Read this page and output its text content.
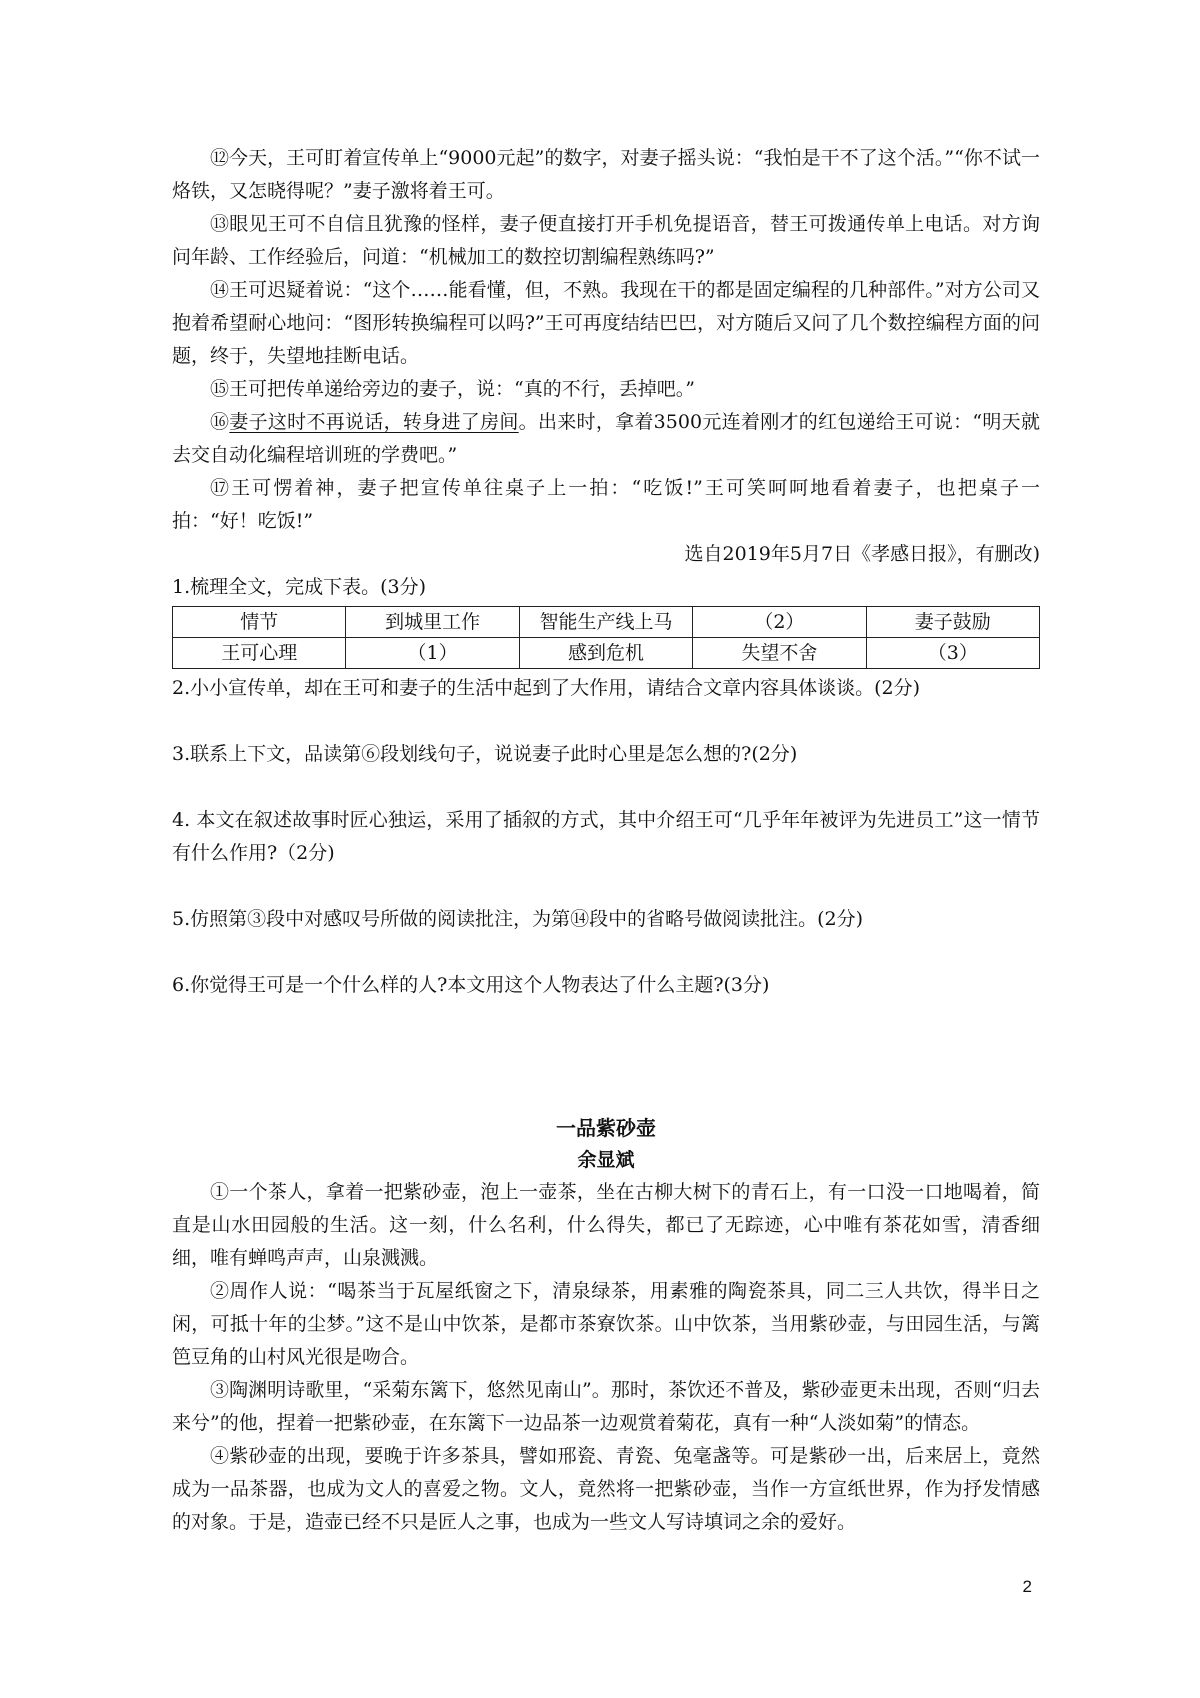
⑫今天，王可盯着宣传单上“9000元起”的数字，对妻子摇头说：“我怕是干不了这个活。”“你不试一烙铁，又怎晓得呢？”妻子激将着王可。

⑬眼见王可不自信且犹豫的怪样，妻子便直接打开手机免提语音，替王可拨通传单上电话。对方询问年龄、工作经验后，问道：“机械加工的数控切割编程熟练吗?”

⑭王可迟疑着说：“这个……能看懂，但，不熟。我现在干的都是固定编程的几种部件。”对方公司又抱着希望耐心地问：“图形转换编程可以吗?”王可再度结结巴巴，对方随后又问了几个数控编程方面的问题，终于，失望地挂断电话。

⑮王可把传单递给旁边的妻子，说：“真的不行，丢掉吧。”

⑯妻子这时不再说话，转身进了房间。出来时，拿着3500元连着刚才的红包递给王可说：“明天就去交自动化编程培训班的学费吧。”

⑰王可愣着神，妻子把宣传单往桌子上一拍：“吃饭!”王可笑呵呵地看着妻子，也把桌子一拍：“好！吃饭!”

选自2019年5月7日《孝感日报》，有删改)

1.梳理全文，完成下表。(3分)

情节	到城里工作	智能生产线上马	（2）	妻子鼓励
王可心理	（1）	感到危机	失望不舍	（3）

2.小小宣传单，却在王可和妻子的生活中起到了大作用，请结合文章内容具体谈谈。(2分)

3.联系上下文，品读第⑥段划线句子，说说妻子此时心里是怎么想的?(2分)

4. 本文在叙述故事时匠心独运，采用了插叙的方式，其中介绍王可“几乎年年被评为先进员工”这一情节有什么作用?（2分)

5.仿照第③段中对感叹号所做的阅读批注，为第⑭段中的省略号做阅读批注。(2分)

6.你觉得王可是一个什么样的人?本文用这个人物表达了什么主题?(3分)

一品紫砂壶
余显斌

①一个茶人，拿着一把紫砂壶，泡上一壶茶，坐在古柳大树下的青石上，有一口没一口地喝着，简直是山水田园般的生活。这一刻，什么名利，什么得失，都已了无踪迹，心中唯有茶花如雪，清香细细，唯有蝉鸣声声，山泉溅溅。

②周作人说：“喝茶当于瓦屋纸窗之下，清泉绿茶，用素雅的陶瓷茶具，同二三人共饮，得半日之闲，可抵十年的尘梦。”这不是山中饮茶，是都市茶寮饮茶。山中饮茶，当用紫砂壶，与田园生活，与篱笆豆角的山村风光很是吻合。

③陶渊明诗歌里，“采菊东篱下，悠然见南山”。那时，茶饮还不普及，紫砂壶更未出现，否则“归去来兮”的他，捏着一把紫砂壶，在东篱下一边品茶一边观赏着菊花，真有一种“人淡如菊”的情态。

④紫砂壶的出现，要晚于许多茶具，譬如邢瓷、青瓷、兔毫盏等。可是紫砂一出，后来居上，竟然成为一品茶器，也成为文人的喜爱之物。文人，竟然将一把紫砂壶，当作一方宣纸世界，作为抒发情感的对象。于是，造壶已经不只是匠人之事，也成为一些文人写诗填词之余的爱好。

2
